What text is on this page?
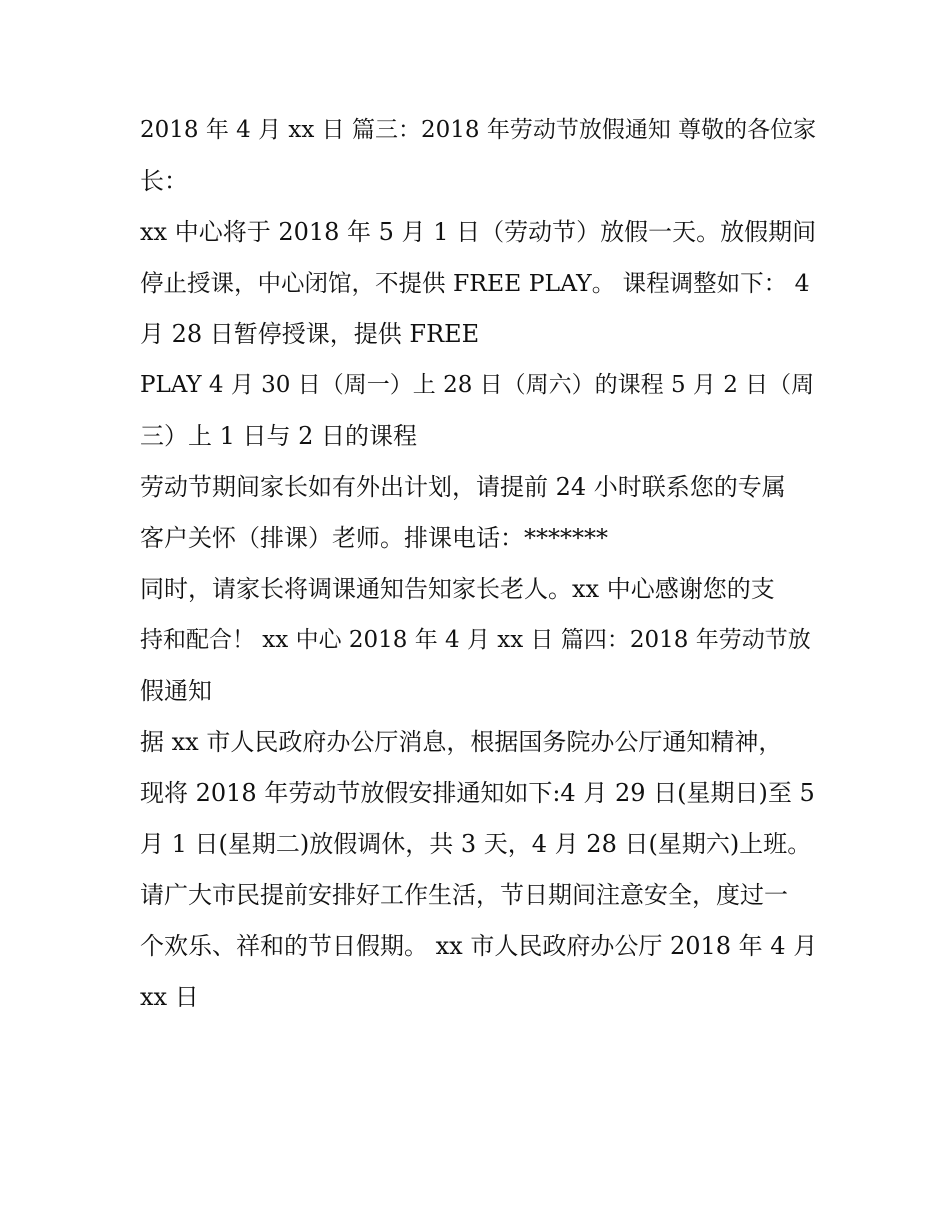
2018 年 4 月 xx 日 篇三：2018 年劳动节放假通知 尊敬的各位家
长：
xx 中心将于 2018 年 5 月 1 日（劳动节）放假一天。放假期间
停止授课，中心闭馆，不提供 FREE PLAY。 课程调整如下： 4
月 28 日暂停授课，提供 FREE
PLAY 4 月 30 日（周一）上 28 日（周六）的课程 5 月 2 日（周
三）上 1 日与 2 日的课程
劳动节期间家长如有外出计划，请提前 24 小时联系您的专属
客户关怀（排课）老师。排课电话：*******
同时，请家长将调课通知告知家长老人。xx 中心感谢您的支
持和配合！ xx 中心 2018 年 4 月 xx 日 篇四：2018 年劳动节放
假通知
据 xx 市人民政府办公厅消息，根据国务院办公厅通知精神，
现将 2018 年劳动节放假安排通知如下:4 月 29 日(星期日)至 5
月 1 日(星期二)放假调休，共 3 天，4 月 28 日(星期六)上班。
请广大市民提前安排好工作生活，节日期间注意安全，度过一
个欢乐、祥和的节日假期。 xx 市人民政府办公厅 2018 年 4 月
xx 日
